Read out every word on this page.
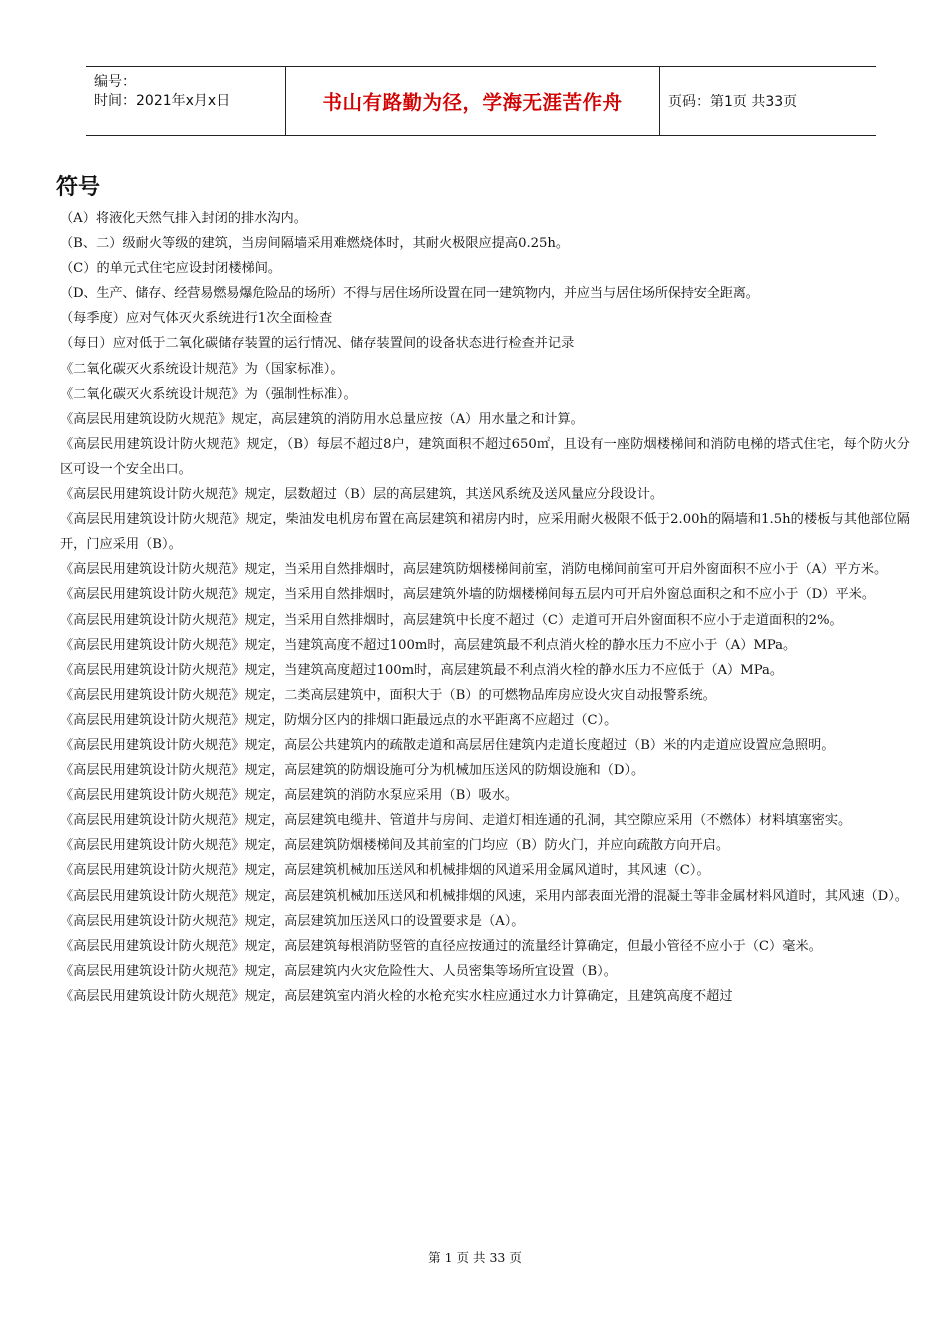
编号：
时间：2021年x月x日	书山有路勤为径，学海无涯苦作舟	页码：第1页 共33页
符号

（A）将液化天然气排入封闭的排水沟内。

（B、二）级耐火等级的建筑，当房间隔墙采用难燃烧体时，其耐火极限应提高0.25h。

（C）的单元式住宅应设封闭楼梯间。

（D、生产、储存、经营易燃易爆危险品的场所）不得与居住场所设置在同一建筑物内，并应当与居住场所保持安全距离。

（每季度）应对气体灭火系统进行1次全面检查

（每日）应对低于二氧化碳储存装置的运行情况、储存装置间的设备状态进行检查并记录

《二氧化碳灭火系统设计规范》为（国家标准）。

《二氧化碳灭火系统设计规范》为（强制性标准）。

《高层民用建筑设防火规范》规定，高层建筑的消防用水总量应按（A）用水量之和计算。

《高层民用建筑设计防火规范》规定，（B）每层不超过8户，建筑面积不超过650㎡，且设有一座防烟楼梯间和消防电梯的塔式住宅，每个防火分区可设一个安全出口。

《高层民用建筑设计防火规范》规定，层数超过（B）层的高层建筑，其送风系统及送风量应分段设计。

《高层民用建筑设计防火规范》规定，柴油发电机房布置在高层建筑和裙房内时，应采用耐火极限不低于2.00h的隔墙和1.5h的楼板与其他部位隔开，门应采用（B）。

《高层民用建筑设计防火规范》规定，当采用自然排烟时，高层建筑防烟楼梯间前室，消防电梯间前室可开启外窗面积不应小于（A）平方米。

《高层民用建筑设计防火规范》规定，当采用自然排烟时，高层建筑外墙的防烟楼梯间每五层内可开启外窗总面积之和不应小于（D）平米。

《高层民用建筑设计防火规范》规定，当采用自然排烟时，高层建筑中长度不超过（C）走道可开启外窗面积不应小于走道面积的2%。

《高层民用建筑设计防火规范》规定，当建筑高度不超过100m时，高层建筑最不利点消火栓的静水压力不应小于（A）MPa。

《高层民用建筑设计防火规范》规定，当建筑高度超过100m时，高层建筑最不利点消火栓的静水压力不应低于（A）MPa。

《高层民用建筑设计防火规范》规定，二类高层建筑中，面积大于（B）的可燃物品库房应设火灾自动报警系统。

《高层民用建筑设计防火规范》规定，防烟分区内的排烟口距最远点的水平距离不应超过（C）。

《高层民用建筑设计防火规范》规定，高层公共建筑内的疏散走道和高层居住建筑内走道长度超过（B）米的内走道应设置应急照明。

《高层民用建筑设计防火规范》规定，高层建筑的防烟设施可分为机械加压送风的防烟设施和（D）。

《高层民用建筑设计防火规范》规定，高层建筑的消防水泵应采用（B）吸水。

《高层民用建筑设计防火规范》规定，高层建筑电缆井、管道井与房间、走道灯相连通的孔洞，其空隙应采用（不燃体）材料填塞密实。

《高层民用建筑设计防火规范》规定，高层建筑防烟楼梯间及其前室的门均应（B）防火门，并应向疏散方向开启。

《高层民用建筑设计防火规范》规定，高层建筑机械加压送风和机械排烟的风道采用金属风道时，其风速（C）。

《高层民用建筑设计防火规范》规定，高层建筑机械加压送风和机械排烟的风速，采用内部表面光滑的混凝土等非金属材料风道时，其风速（D）。

《高层民用建筑设计防火规范》规定，高层建筑加压送风口的设置要求是（A）。

《高层民用建筑设计防火规范》规定，高层建筑每根消防竖管的直径应按通过的流量经计算确定，但最小管径不应小于（C）毫米。

《高层民用建筑设计防火规范》规定，高层建筑内火灾危险性大、人员密集等场所宜设置（B）。

《高层民用建筑设计防火规范》规定，高层建筑室内消火栓的水枪充实水柱应通过水力计算确定，且建筑高度不超过

第 1 页 共 33 页
